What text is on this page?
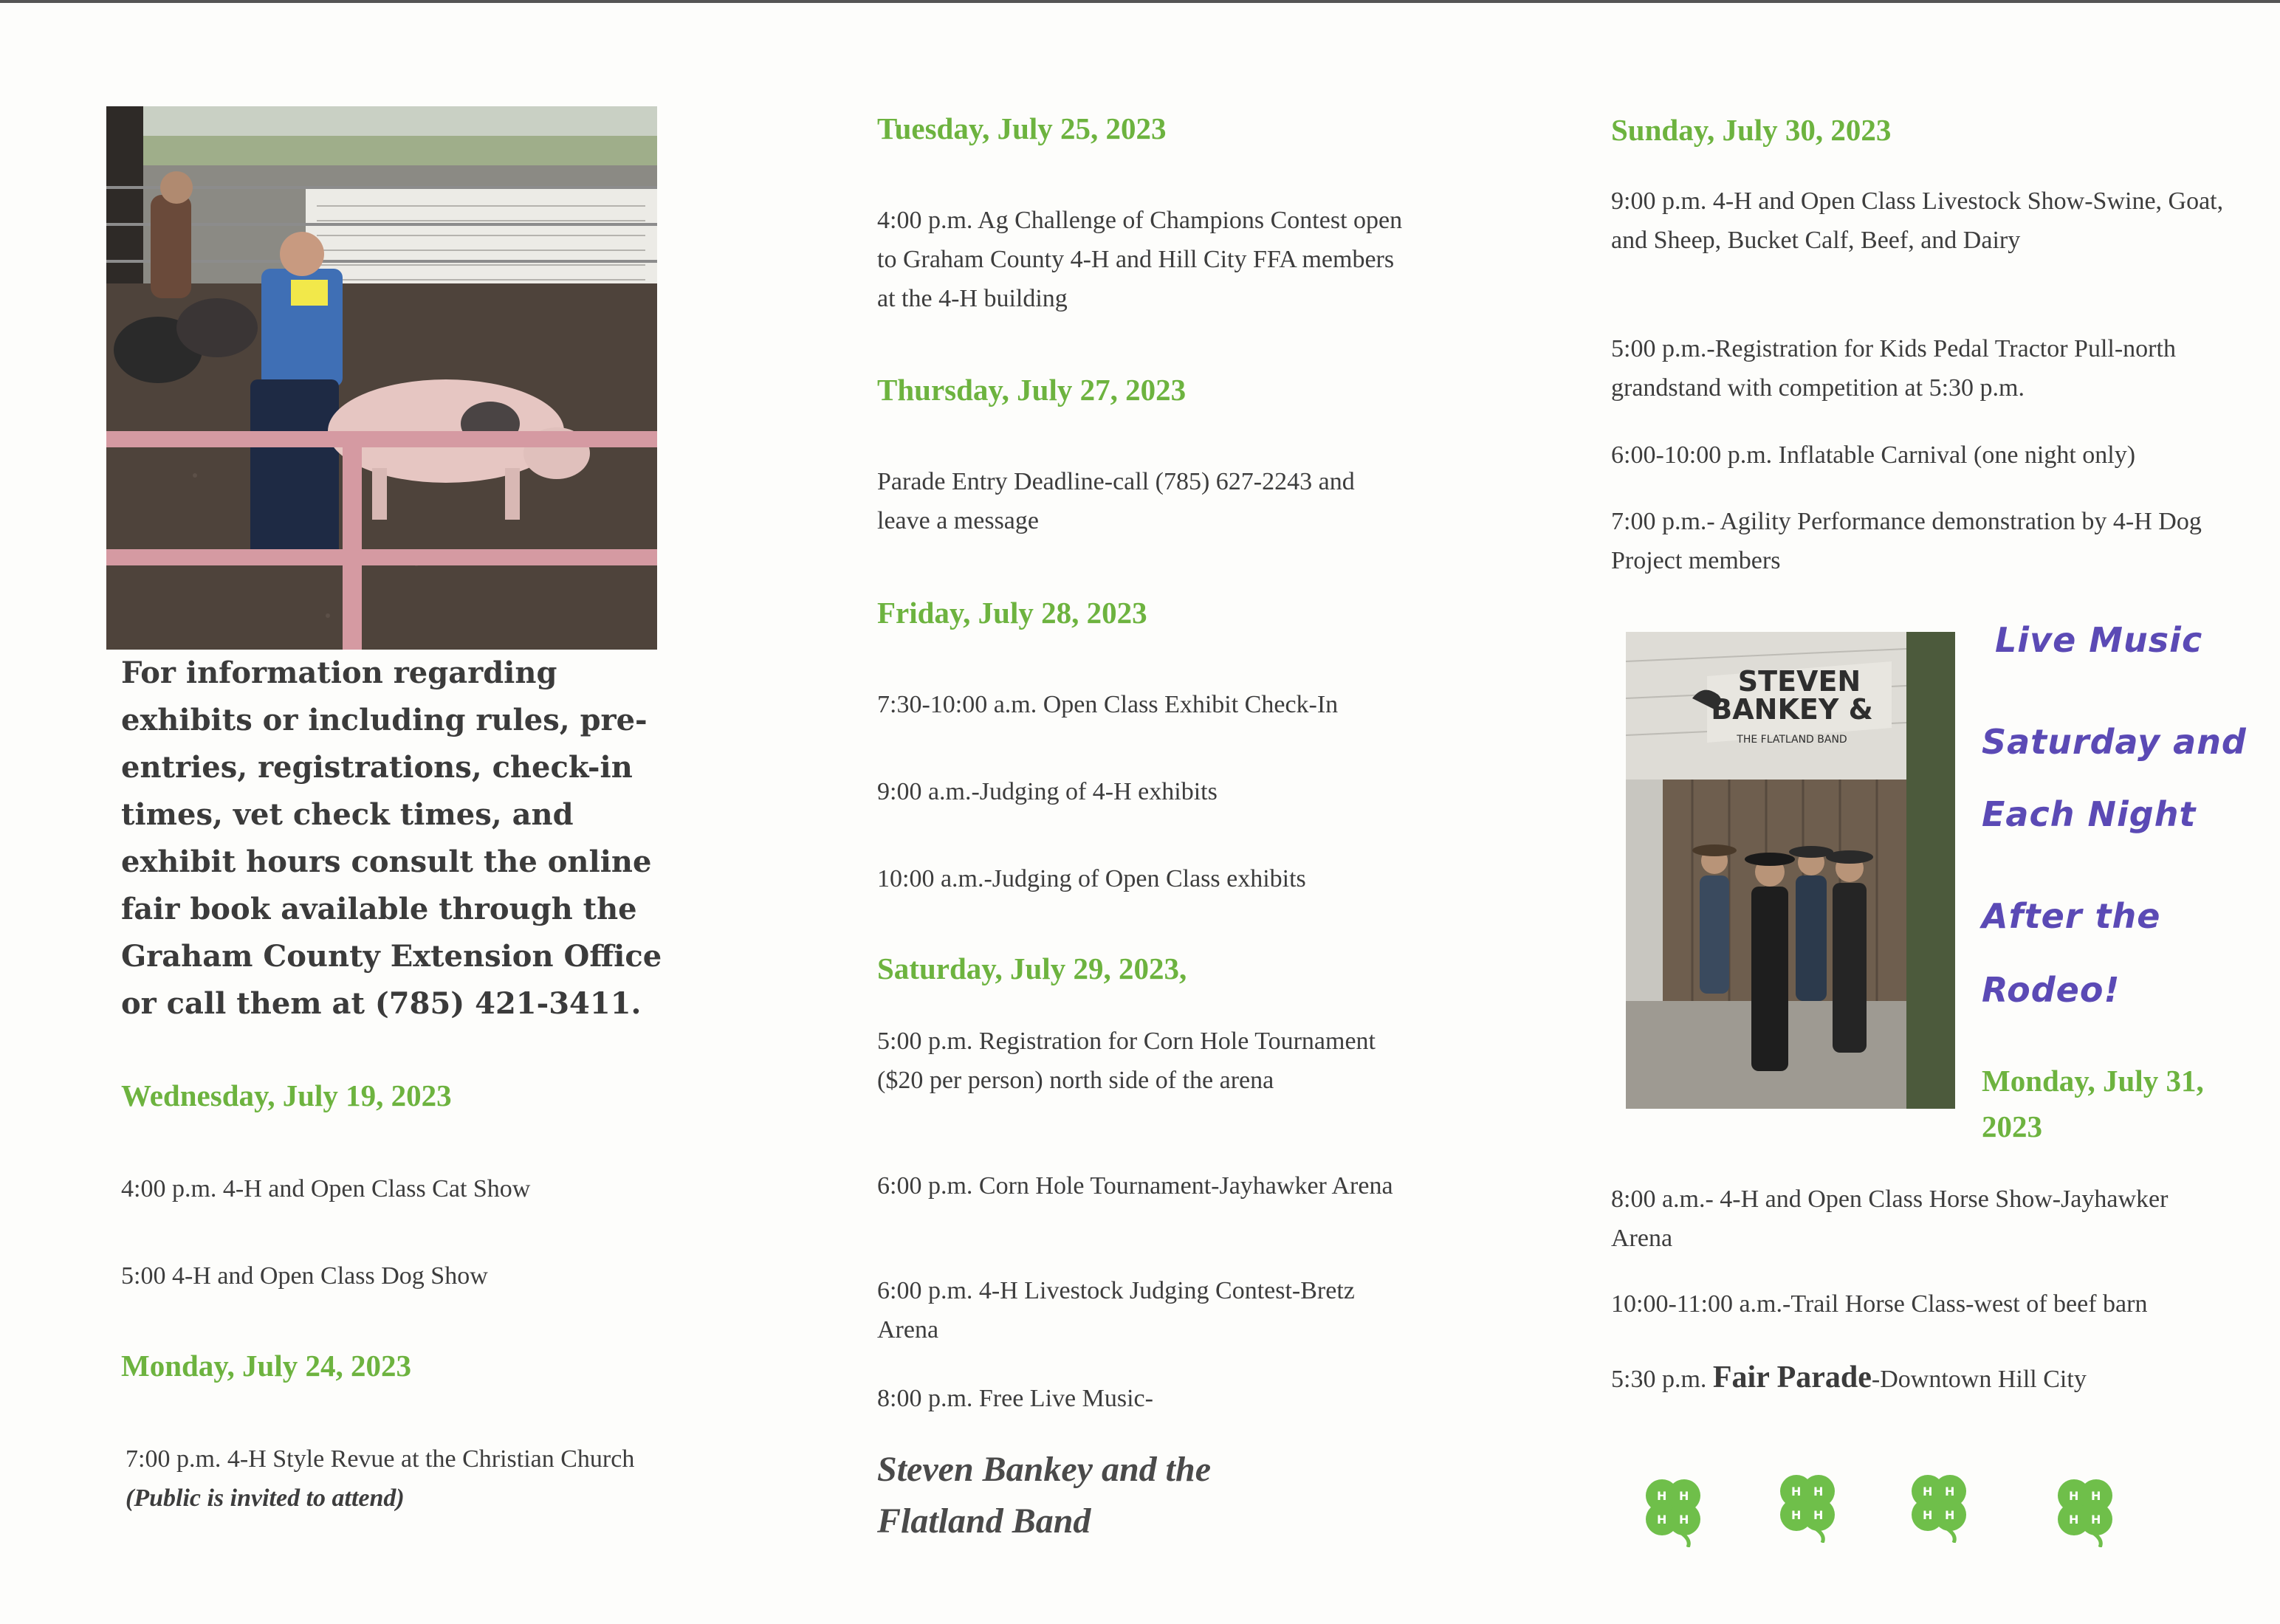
For information regarding exhibits or including rules, pre-entries, registrations, check-in times, vet check times, and exhibit hours consult the online fair book available through the Graham County Extension Office or call them at (785) 421-3411.
Wednesday, July 19, 2023
4:00 p.m. 4-H and Open Class Cat Show
5:00 4-H and Open Class Dog Show
Monday, July 24, 2023
7:00 p.m. 4-H Style Revue at the Christian Church (Public is invited to attend)
Tuesday, July 25, 2023
4:00 p.m. Ag Challenge of Champions Contest open to Graham County 4-H and Hill City FFA members at the 4-H building
Thursday, July 27, 2023
Parade Entry Deadline-call (785) 627-2243 and leave a message
Friday, July 28, 2023
7:30-10:00 a.m. Open Class Exhibit Check-In
9:00 a.m.-Judging of 4-H exhibits
10:00 a.m.-Judging of Open Class exhibits
Saturday, July 29, 2023,
5:00 p.m. Registration for Corn Hole Tournament ($20 per person) north side of the arena
6:00 p.m. Corn Hole Tournament-Jayhawker Arena
6:00 p.m. 4-H Livestock Judging Contest-Bretz Arena
8:00 p.m. Free Live Music-
Steven Bankey and the Flatland Band
Sunday, July 30, 2023
9:00 p.m. 4-H and Open Class Livestock Show-Swine, Goat, and Sheep, Bucket Calf, Beef, and Dairy
5:00 p.m.-Registration for Kids Pedal Tractor Pull-north grandstand with competition at 5:30 p.m.
6:00-10:00 p.m. Inflatable Carnival (one night only)
7:00 p.m.- Agility Performance demonstration by 4-H Dog Project members
STEVEN
BANKEY &
THE FLATLAND BAND
Live Music
Saturday and
Each Night
After the
Rodeo!
Monday, July 31,
2023
8:00 a.m.- 4-H and Open Class Horse Show-Jayhawker Arena
10:00-11:00 a.m.-Trail Horse Class-west of beef barn
5:30 p.m. Fair Parade-Downtown Hill City
H H
H H
H H
H H
H H
H H
H H
H H
